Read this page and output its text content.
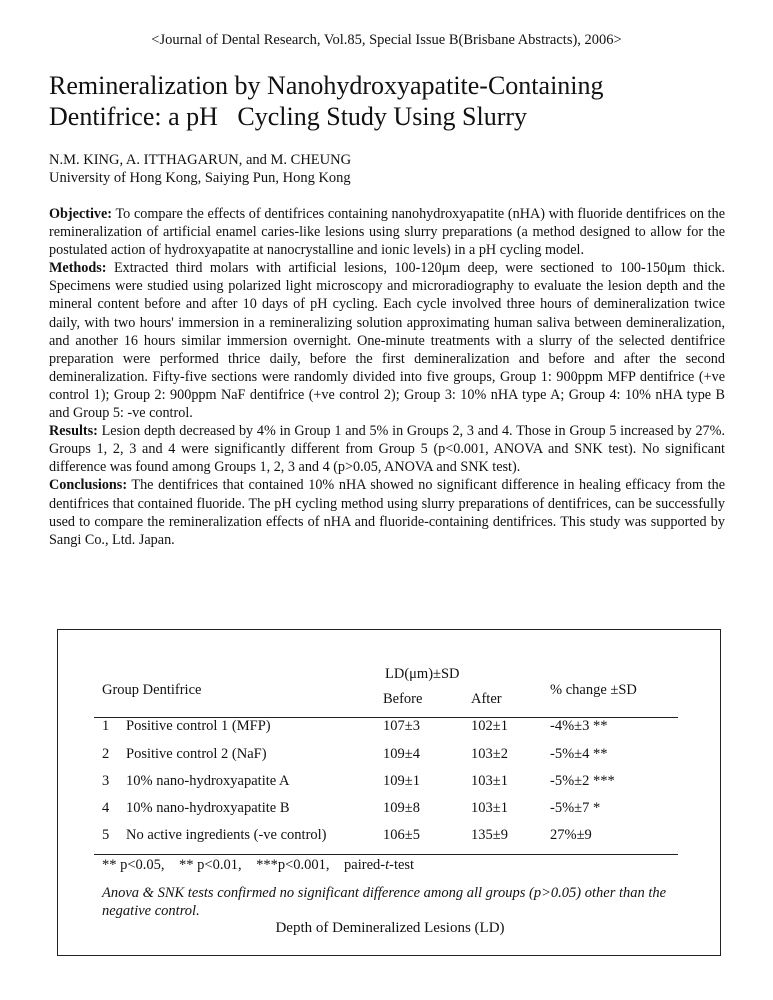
<Journal of Dental Research, Vol.85, Special Issue B(Brisbane Abstracts), 2006>
Remineralization by Nanohydroxyapatite-Containing
Dentifrice: a pH   Cycling Study Using Slurry
N.M. KING, A. ITTHAGARUN, and M. CHEUNG
University of Hong Kong, Saiying Pun, Hong Kong

Objective: To compare the effects of dentifrices containing nanohydroxyapatite (nHA) with fluoride dentifrices on the remineralization of artificial enamel caries-like lesions using slurry preparations (a method designed to allow for the postulated action of hydroxyapatite at nanocrystalline and ionic levels) in a pH cycling model.

Methods: Extracted third molars with artificial lesions, 100-120μm deep, were sectioned to 100-150μm thick. Specimens were studied using polarized light microscopy and microradiography to evaluate the lesion depth and the mineral content before and after 10 days of pH cycling. Each cycle involved three hours of demineralization twice daily, with two hours' immersion in a remineralizing solution approximating human saliva between demineralization, and another 16 hours similar immersion overnight. One-minute treatments with a slurry of the selected dentifrice preparation were performed thrice daily, before the first demineralization and before and after the second demineralization. Fifty-five sections were randomly divided into five groups, Group 1: 900ppm MFP dentifrice (+ve control 1); Group 2: 900ppm NaF dentifrice (+ve control 2); Group 3: 10% nHA type A; Group 4: 10% nHA type B and Group 5: -ve control.

Results: Lesion depth decreased by 4% in Group 1 and 5% in Groups 2, 3 and 4. Those in Group 5 increased by 27%. Groups 1, 2, 3 and 4 were significantly different from Group 5 (p<0.001, ANOVA and SNK test). No significant difference was found among Groups 1, 2, 3 and 4 (p>0.05, ANOVA and SNK test).

Conclusions: The dentifrices that contained 10% nHA showed no significant difference in healing efficacy from the dentifrices that contained fluoride. The pH cycling method using slurry preparations of dentifrices, can be successfully used to compare the remineralization effects of nHA and fluoride-containing dentifrices. This study was supported by Sangi Co., Ltd. Japan.

LD(μm)±SD
Group Dentifrice
Before	After
% change ±SD
1 Positive control 1 (MFP)	107±3	102±1	-4%±3 **
2 Positive control 2 (NaF)	109±4	103±2	-5%±4 **
3 10% nano-hydroxyapatite A	109±1	103±1	-5%±2 ***
4 10% nano-hydroxyapatite B	109±8	103±1	-5%±7 *
5 No active ingredients (-ve control)	106±5	135±9	27%±9
** p<0.05,    ** p<0.01,    ***p<0.001,    paired-t-test
Anova & SNK tests confirmed no significant difference among all groups (p>0.05) other than the negative control.
Depth of Demineralized Lesions (LD)
